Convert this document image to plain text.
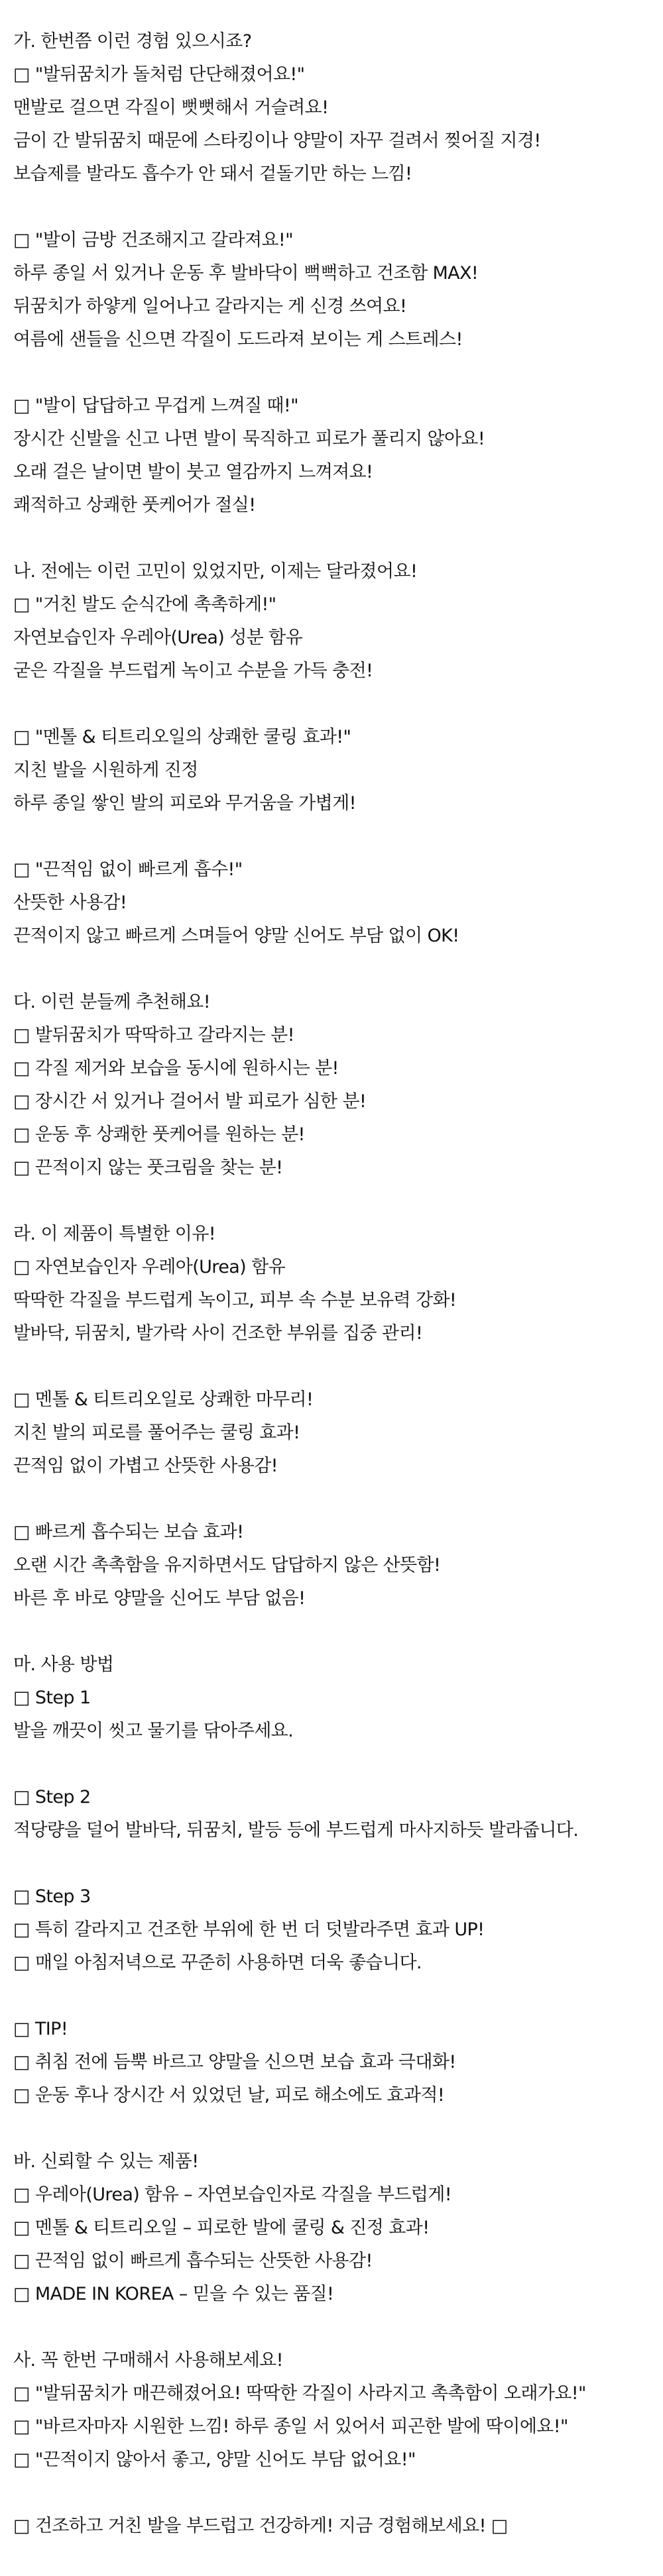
가. 한번쯤 이런 경험 있으시죠?
□ "발뒤꿈치가 돌처럼 단단해졌어요!"
맨발로 걸으면 각질이 뻣뻣해서 거슬려요!
금이 간 발뒤꿈치 때문에 스타킹이나 양말이 자꾸 걸려서 찢어질 지경!
보습제를 발라도 흡수가 안 돼서 겉돌기만 하는 느낌!
□ "발이 금방 건조해지고 갈라져요!"
하루 종일 서 있거나 운동 후 발바닥이 뻑뻑하고 건조함 MAX!
뒤꿈치가 하얗게 일어나고 갈라지는 게 신경 쓰여요!
여름에 샌들을 신으면 각질이 도드라져 보이는 게 스트레스!
□ "발이 답답하고 무겁게 느껴질 때!"
장시간 신발을 신고 나면 발이 묵직하고 피로가 풀리지 않아요!
오래 걸은 날이면 발이 붓고 열감까지 느껴져요!
쾌적하고 상쾌한 풋케어가 절실!
나. 전에는 이런 고민이 있었지만, 이제는 달라졌어요!
□ "거친 발도 순식간에 촉촉하게!"
자연보습인자 우레아(Urea) 성분 함유
굳은 각질을 부드럽게 녹이고 수분을 가득 충전!
□ "멘톨 & 티트리오일의 상쾌한 쿨링 효과!"
지친 발을 시원하게 진정
하루 종일 쌓인 발의 피로와 무거움을 가볍게!
□ "끈적임 없이 빠르게 흡수!"
산뜻한 사용감!
끈적이지 않고 빠르게 스며들어 양말 신어도 부담 없이 OK!
다. 이런 분들께 추천해요!
□ 발뒤꿈치가 딱딱하고 갈라지는 분!
□ 각질 제거와 보습을 동시에 원하시는 분!
□ 장시간 서 있거나 걸어서 발 피로가 심한 분!
□ 운동 후 상쾌한 풋케어를 원하는 분!
□ 끈적이지 않는 풋크림을 찾는 분!
라. 이 제품이 특별한 이유!
□ 자연보습인자 우레아(Urea) 함유
딱딱한 각질을 부드럽게 녹이고, 피부 속 수분 보유력 강화!
발바닥, 뒤꿈치, 발가락 사이 건조한 부위를 집중 관리!
□ 멘톨 & 티트리오일로 상쾌한 마무리!
지친 발의 피로를 풀어주는 쿨링 효과!
끈적임 없이 가볍고 산뜻한 사용감!
□ 빠르게 흡수되는 보습 효과!
오랜 시간 촉촉함을 유지하면서도 답답하지 않은 산뜻함!
바른 후 바로 양말을 신어도 부담 없음!
마. 사용 방법
□ Step 1
발을 깨끗이 씻고 물기를 닦아주세요.
□ Step 2
적당량을 덜어 발바닥, 뒤꿈치, 발등 등에 부드럽게 마사지하듯 발라줍니다.
□ Step 3
□ 특히 갈라지고 건조한 부위에 한 번 더 덧발라주면 효과 UP!
□ 매일 아침저녁으로 꾸준히 사용하면 더욱 좋습니다.
□ TIP!
□ 취침 전에 듬뿍 바르고 양말을 신으면 보습 효과 극대화!
□ 운동 후나 장시간 서 있었던 날, 피로 해소에도 효과적!
바. 신뢰할 수 있는 제품!
□ 우레아(Urea) 함유 – 자연보습인자로 각질을 부드럽게!
□ 멘톨 & 티트리오일 – 피로한 발에 쿨링 & 진정 효과!
□ 끈적임 없이 빠르게 흡수되는 산뜻한 사용감!
□ MADE IN KOREA – 믿을 수 있는 품질!
사. 꼭 한번 구매해서 사용해보세요!
□ "발뒤꿈치가 매끈해졌어요! 딱딱한 각질이 사라지고 촉촉함이 오래가요!"
□ "바르자마자 시원한 느낌! 하루 종일 서 있어서 피곤한 발에 딱이에요!"
□ "끈적이지 않아서 좋고, 양말 신어도 부담 없어요!"
□ 건조하고 거친 발을 부드럽고 건강하게! 지금 경험해보세요! □
